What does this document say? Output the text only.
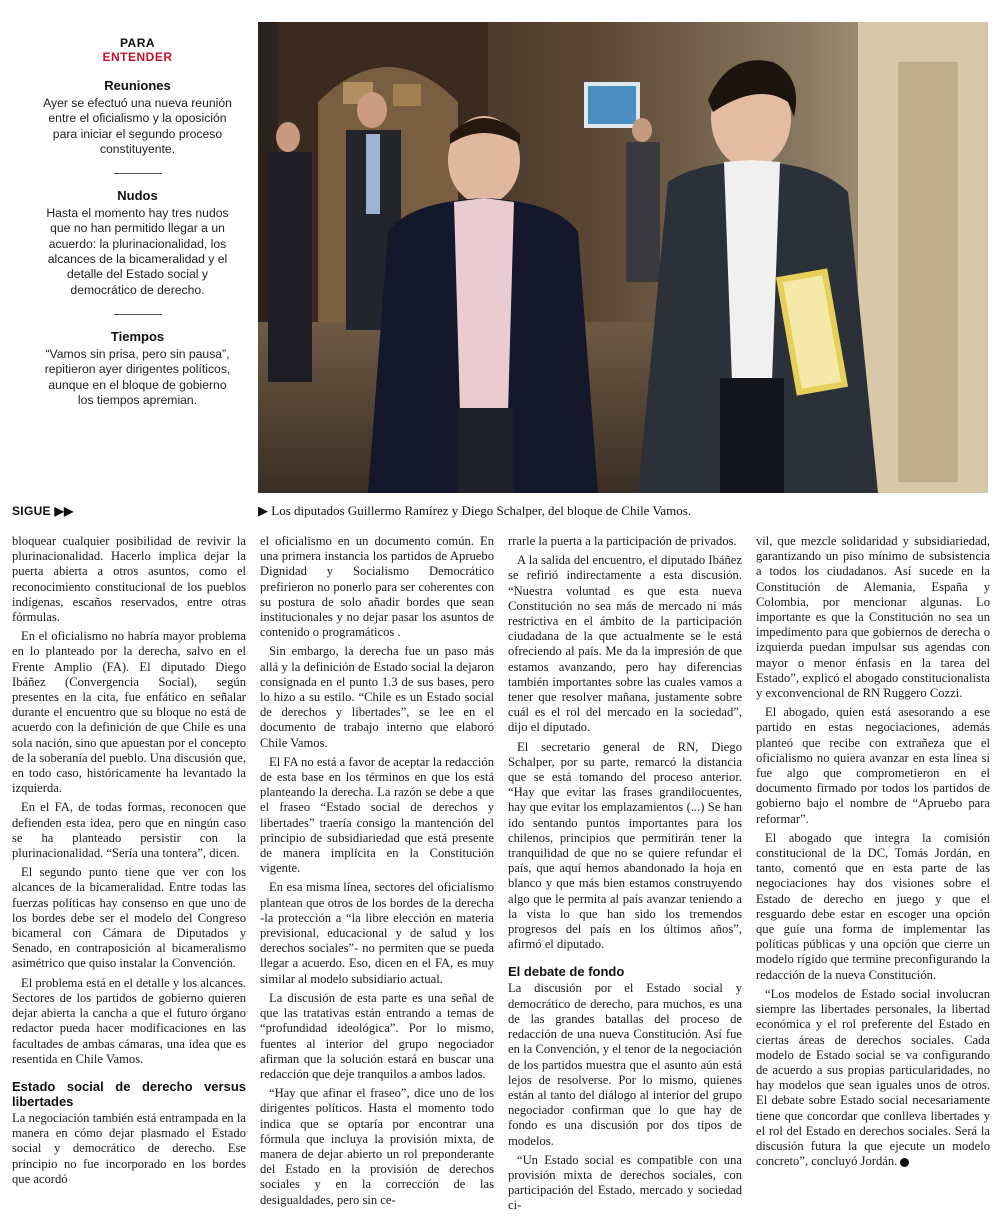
PARA
ENTENDER
Reuniones
Ayer se efectuó una nueva reunión entre el oficialismo y la oposición para iniciar el segundo proceso constituyente.
Nudos
Hasta el momento hay tres nudos que no han permitido llegar a un acuerdo: la plurinacionalidad, los alcances de la bicameralidad y el detalle del Estado social y democrático de derecho.
Tiempos
“Vamos sin prisa, pero sin pausa”, repitieron ayer dirigentes políticos, aunque en el bloque de gobierno los tiempos apremian.
SIGUE ▶▶	▶ Los diputados Guillermo Ramírez y Diego Schalper, del bloque de Chile Vamos.

bloquear cualquier posibilidad de revivir la plurinacionalidad. Hacerlo implica dejar la puerta abierta a otros asuntos, como el reconocimiento constitucional de los pueblos indígenas, escaños reservados, entre otras fórmulas.

En el oficialismo no habría mayor problema en lo planteado por la derecha, salvo en el Frente Amplio (FA). El diputado Diego Ibáñez (Convergencia Social), según presentes en la cita, fue enfático en señalar durante el encuentro que su bloque no está de acuerdo con la definición de que Chile es una sola nación, sino que apuestan por el concepto de la soberanía del pueblo. Una discusión que, en todo caso, históricamente ha levantado la izquierda.

En el FA, de todas formas, reconocen que defienden esta idea, pero que en ningún caso se ha planteado persistir con la plurinacionalidad. “Sería una tontera”, dicen.

El segundo punto tiene que ver con los alcances de la bicameralidad. Entre todas las fuerzas políticas hay consenso en que uno de los bordes debe ser el modelo del Congreso bicameral con Cámara de Diputados y Senado, en contraposición al bicameralismo asimétrico que quiso instalar la Convención.

El problema está en el detalle y los alcances. Sectores de los partidos de gobierno quieren dejar abierta la cancha a que el futuro órgano redactor pueda hacer modificaciones en las facultades de ambas cámaras, una idea que es resentida en Chile Vamos.

Estado social de derecho versus libertades

La negociación también está entrampada en la manera en cómo dejar plasmado el Estado social y democrático de derecho. Ese principio no fue incorporado en los bordes que acordó

el oficialismo en un documento común. En una primera instancia los partidos de Apruebo Dignidad y Socialismo Democrático prefirieron no ponerlo para ser coherentes con su postura de solo añadir bordes que sean institucionales y no dejar pasar los asuntos de contenido o programáticos .

Sin embargo, la derecha fue un paso más allá y la definición de Estado social la dejaron consignada en el punto 1.3 de sus bases, pero lo hizo a su estilo. “Chile es un Estado social de derechos y libertades”, se lee en el documento de trabajo interno que elaboró Chile Vamos.

El FA no está a favor de aceptar la redacción de esta base en los términos en que los está planteando la derecha. La razón se debe a que el fraseo “Estado social de derechos y libertades” traería consigo la mantención del principio de subsidiariedad que está presente de manera implícita en la Constitución vigente.

En esa misma línea, sectores del oficialismo plantean que otros de los bordes de la derecha -la protección a “la libre elección en materia previsional, educacional y de salud y los derechos sociales”- no permiten que se pueda llegar a acuerdo. Eso, dicen en el FA, es muy similar al modelo subsidiario actual.

La discusión de esta parte es una señal de que las tratativas están entrando a temas de “profundidad ideológica”. Por lo mismo, fuentes al interior del grupo negociador afirman que la solución estará en buscar una redacción que deje tranquilos a ambos lados.

“Hay que afinar el fraseo”, dice uno de los dirigentes políticos. Hasta el momento todo indica que se optaría por encontrar una fórmula que incluya la provisión mixta, de manera de dejar abierto un rol preponderante del Estado en la provisión de derechos sociales y en la corrección de las desigualdades, pero sin ce-

rrarle la puerta a la participación de privados.

A la salida del encuentro, el diputado Ibáñez se refirió indirectamente a esta discusión. “Nuestra voluntad es que esta nueva Constitución no sea más de mercado ni más restrictiva en el ámbito de la participación ciudadana de la que actualmente se le está ofreciendo al país. Me da la impresión de que estamos avanzando, pero hay diferencias también importantes sobre las cuales vamos a tener que resolver mañana, justamente sobre cuál es el rol del mercado en la sociedad”, dijo el diputado.

El secretario general de RN, Diego Schalper, por su parte, remarcó la distancia que se está tomando del proceso anterior. “Hay que evitar las frases grandilocuentes, hay que evitar los emplazamientos (...) Se han ido sentando puntos importantes para los chilenos, principios que permitirán tener la tranquilidad de que no se quiere refundar el país, que aquí hemos abandonado la hoja en blanco y que más bien estamos construyendo algo que le permita al país avanzar teniendo a la vista lo que han sido los tremendos progresos del país en los últimos años”, afirmó el diputado.

El debate de fondo

La discusión por el Estado social y democrático de derecho, para muchos, es una de las grandes batallas del proceso de redacción de una nueva Constitución. Así fue en la Convención, y el tenor de la negociación de los partidos muestra que el asunto aún está lejos de resolverse. Por lo mismo, quienes están al tanto del diálogo al interior del grupo negociador confirman que lo que hay de fondo es una discusión por dos tipos de modelos.

“Un Estado social es compatible con una provisión mixta de derechos sociales, con participación del Estado, mercado y sociedad ci-

vil, que mezcle solidaridad y subsidiariedad, garantizando un piso mínimo de subsistencia a todos los ciudadanos. Así sucede en la Constitución de Alemania, España y Colombia, por mencionar algunas. Lo importante es que la Constitución no sea un impedimento para que gobiernos de derecha o izquierda puedan impulsar sus agendas con mayor o menor énfasis en la tarea del Estado”, explicó el abogado constitucionalista y exconvencional de RN Ruggero Cozzi.

El abogado, quien está asesorando a ese partido en estas negociaciones, además planteó que recibe con extrañeza que el oficialismo no quiera avanzar en esta línea si fue algo que comprometieron en el documento firmado por todos los partidos de gobierno bajo el nombre de “Apruebo para reformar”.

El abogado que integra la comisión constitucional de la DC, Tomás Jordán, en tanto, comentó que en esta parte de las negociaciones hay dos visiones sobre el Estado de derecho en juego y que el resguardo debe estar en escoger una opción que guíe una forma de implementar las políticas públicas y una opción que cierre un modelo rígido que termine preconfigurando la redacción de la nueva Constitución.

“Los modelos de Estado social involucran siempre las libertades personales, la libertad económica y el rol preferente del Estado en ciertas áreas de derechos sociales. Cada modelo de Estado social se va configurando de acuerdo a sus propias particularidades, no hay modelos que sean iguales unos de otros. El debate sobre Estado social necesariamente tiene que concordar que conlleva libertades y el rol del Estado en derechos sociales. Será la discusión futura la que ejecute un modelo concreto”, concluyó Jordán.
